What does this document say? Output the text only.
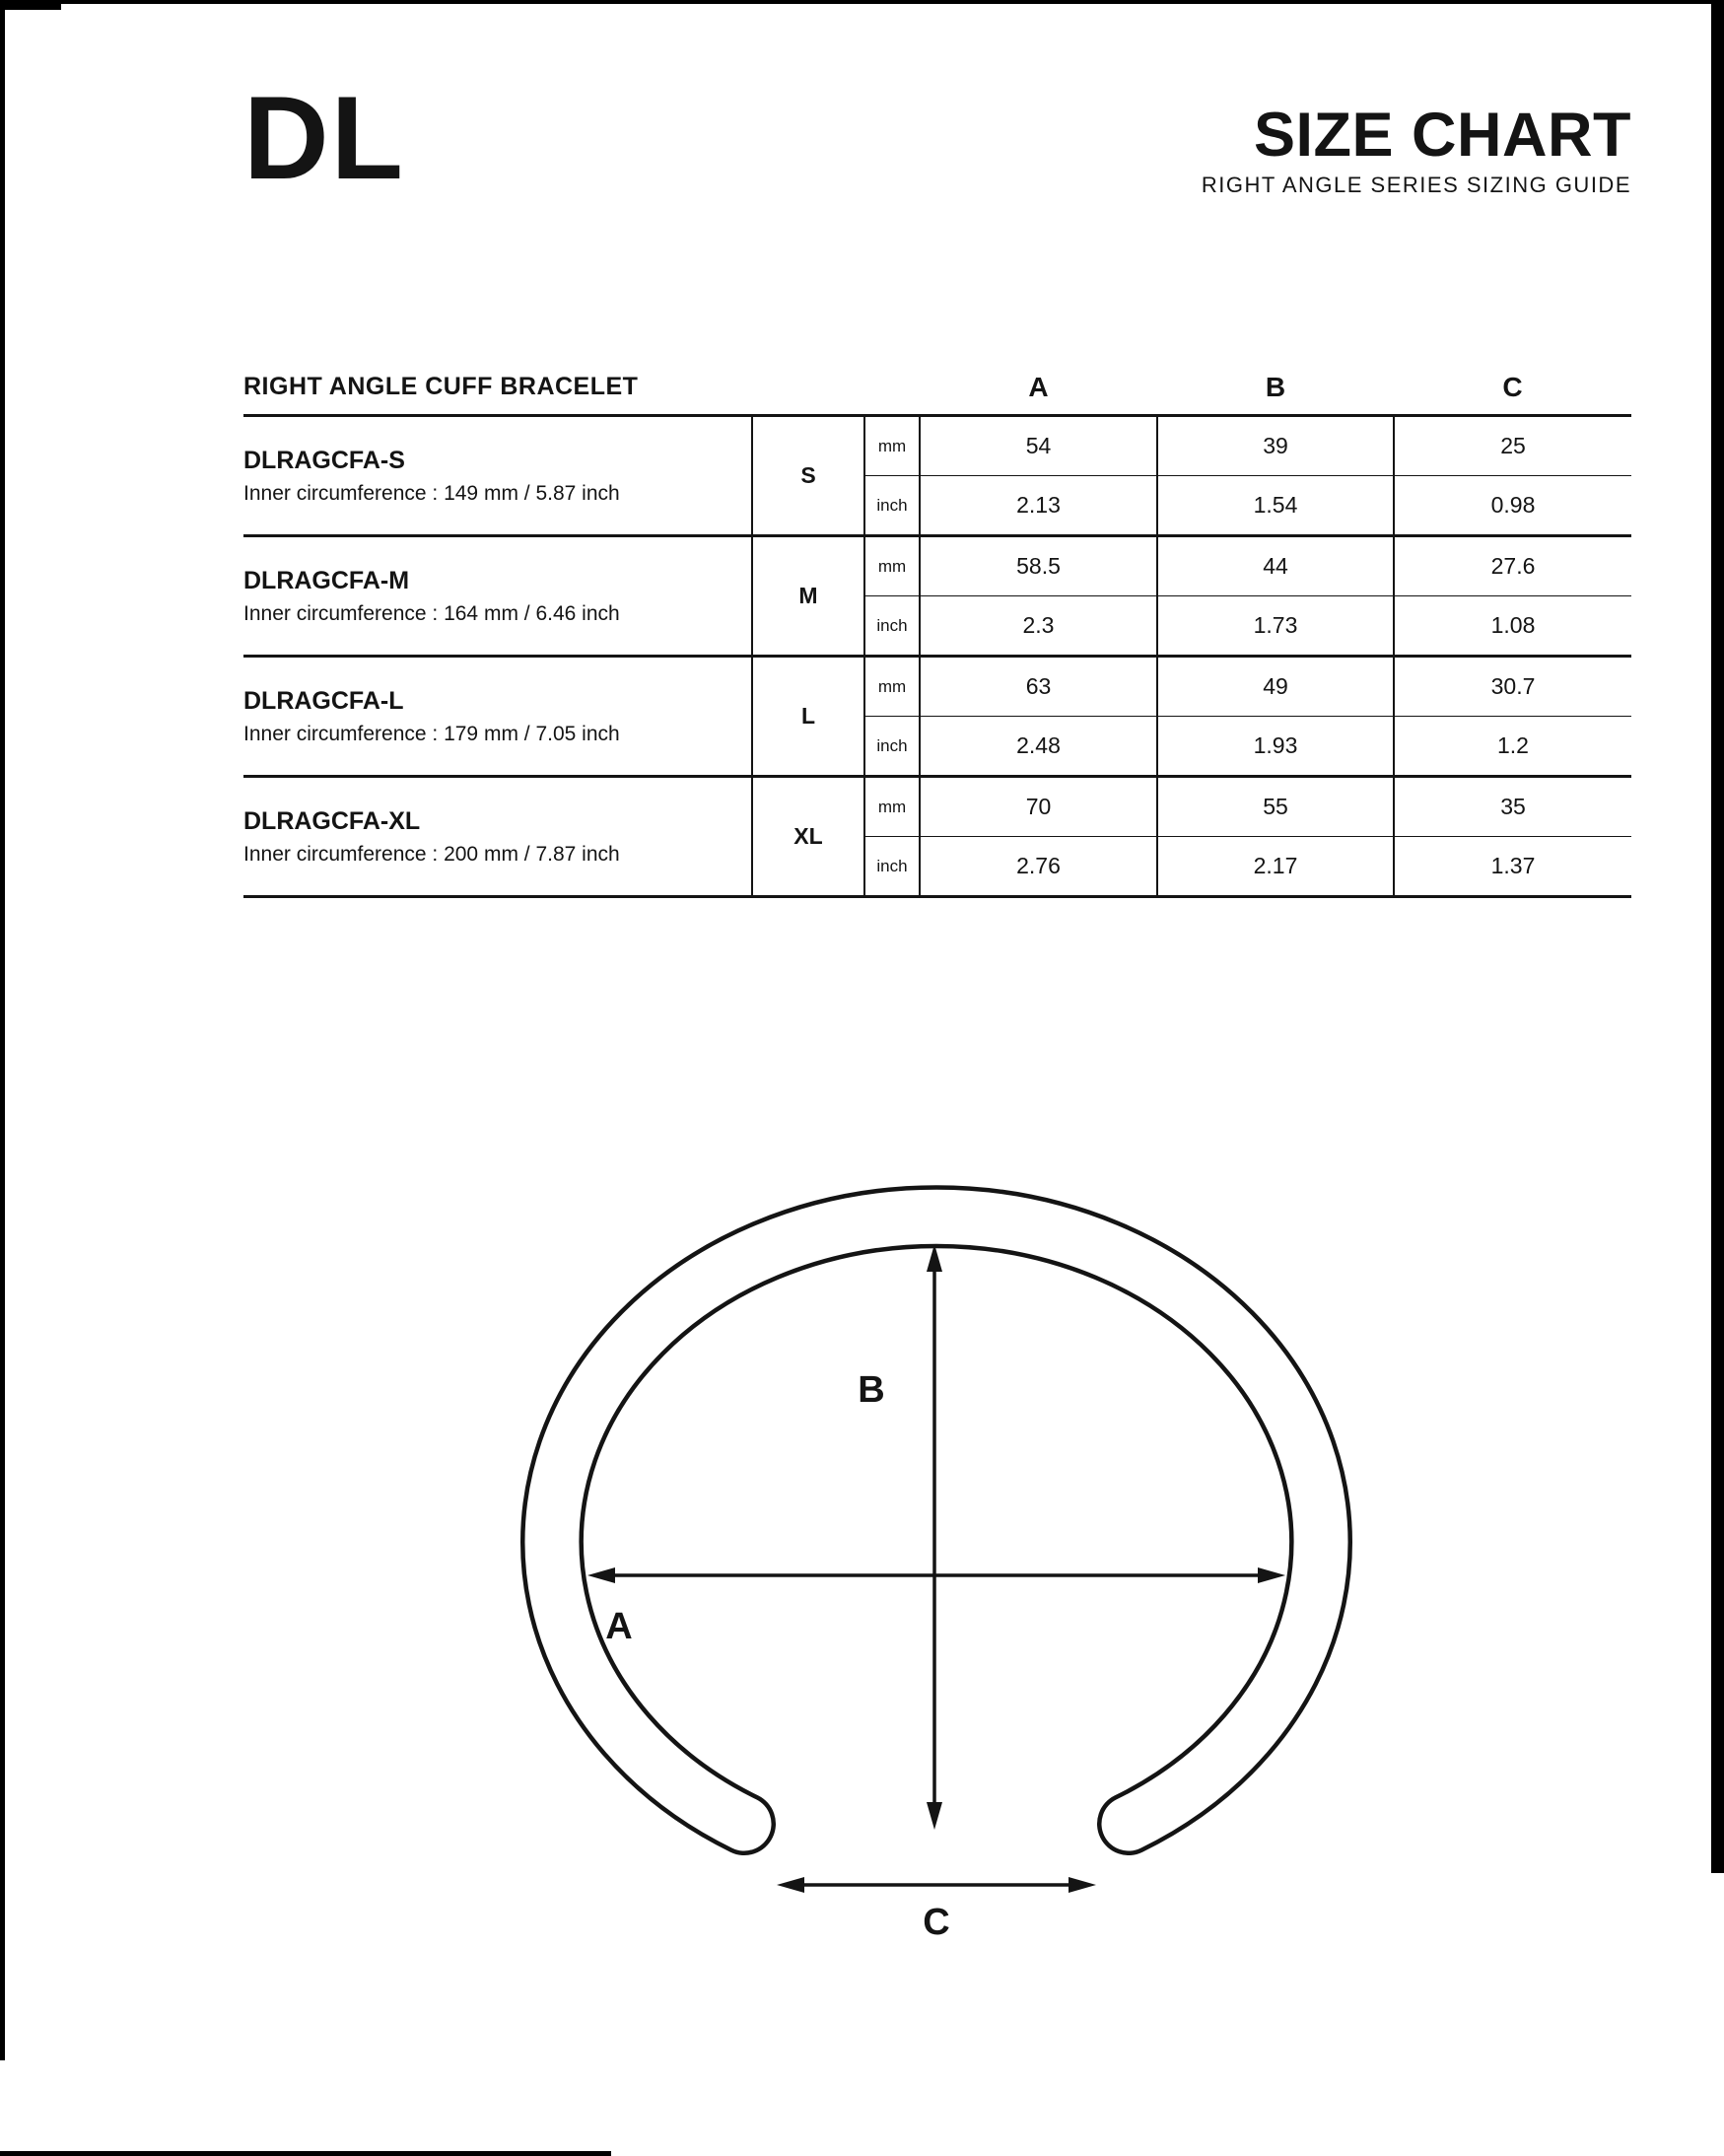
DL	SIZE CHART
RIGHT ANGLE SERIES SIZING GUIDE
RIGHT ANGLE CUFF BRACELET			A	B	C

DLRAGCFA-S
Inner circumference : 149 mm / 5.87 inch	S	mm	54	39	25
		inch	2.13	1.54	0.98

DLRAGCFA-M
Inner circumference : 164 mm / 6.46 inch	M	mm	58.5	44	27.6
		inch	2.3	1.73	1.08

DLRAGCFA-L
Inner circumference : 179 mm / 7.05 inch	L	mm	63	49	30.7
		inch	2.48	1.93	1.2

DLRAGCFA-XL
Inner circumference : 200 mm / 7.87 inch	XL	mm	70	55	35
		inch	2.76	2.17	1.37
A
B
C
